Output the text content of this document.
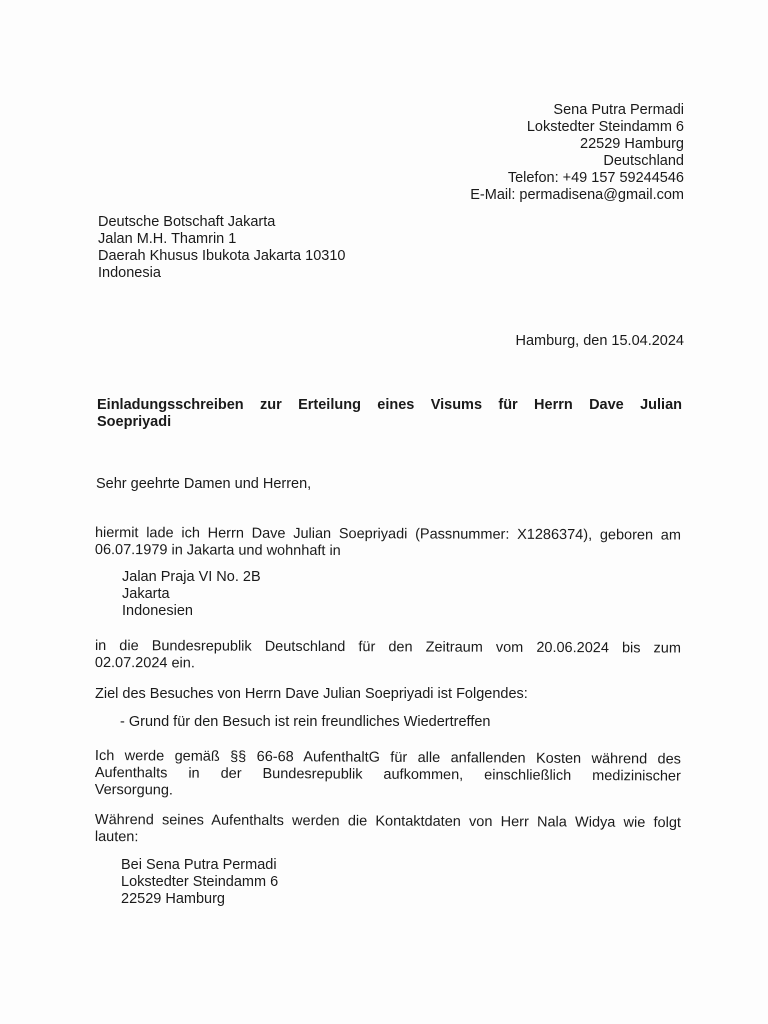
Sena Putra Permadi
Lokstedter Steindamm 6
22529 Hamburg
Deutschland
Telefon: +49 157 59244546
E-Mail: permadisena@gmail.com
Deutsche Botschaft Jakarta
Jalan M.H. Thamrin 1
Daerah Khusus Ibukota Jakarta 10310
Indonesia
Hamburg, den 15.04.2024
Einladungsschreiben zur Erteilung eines Visums für Herrn Dave Julian
Soepriyadi
Sehr geehrte Damen und Herren,
hiermit lade ich Herrn Dave Julian Soepriyadi (Passnummer: X1286374), geboren am
06.07.1979 in Jakarta und wohnhaft in
Jalan Praja VI No. 2B
Jakarta
Indonesien
in die Bundesrepublik Deutschland für den Zeitraum vom 20.06.2024 bis zum
02.07.2024 ein.
Ziel des Besuches von Herrn Dave Julian Soepriyadi ist Folgendes:
- Grund für den Besuch ist rein freundliches Wiedertreffen
Ich werde gemäß §§ 66-68 AufenthaltG für alle anfallenden Kosten während des
Aufenthalts in der Bundesrepublik aufkommen, einschließlich medizinischer
Versorgung.
Während seines Aufenthalts werden die Kontaktdaten von Herr Nala Widya wie folgt
lauten:
Bei Sena Putra Permadi
Lokstedter Steindamm 6
22529 Hamburg
